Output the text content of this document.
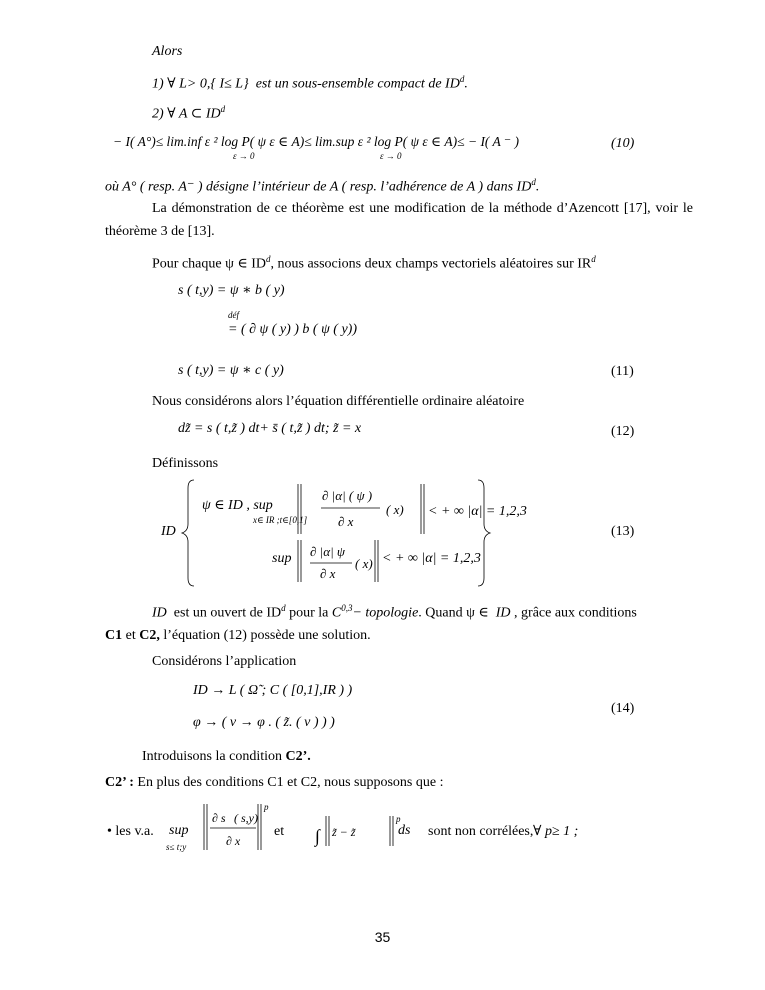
Alors
1) ∀ L> 0,{ I≤ L} est un sous-ensemble compact de $ID^d$.
2) ∀ A ⊂ $ID^d$
− I( A°)≤ lim.inf ε ² log P( ψ ε ∈ A)≤ lim.sup ε ² log P( ψ ε ∈ A)≤ − I( A ⁻ )
ε → 0	ε → 0
(10)
où A° ( resp. A⁻ ) désigne l’intérieur de A ( resp. l’adhérence de A ) dans $ID^d$.
La démonstration de ce théorème est une modification de la méthode d’Azencott [17], voir le théorème 3 de [13].
Pour chaque ψ ∈ $ID^d$, nous associons deux champs vectoriels aléatoires sur $IR^d$
s ( t,y) = ψ ∗ b ( y)
déf
= ( ∂ ψ ( y) ) b ( ψ ( y))
s ( t,y) = ψ ∗ c ( y)	(11)
Nous considérons alors l’équation différentielle ordinaire aléatoire
dz̃ = s ( t,z̃ ) dt+ s̄ ( t,z̃ ) dt; z̃ = x	(12)
Définissons
∂ |α| ( ψ )
∂ x
( x)
∂ |α| ψ
∂ x
( x)
ID
ψ ∈ ID , sup
x∈ IR ;t∈[0,1]
< + ∞ |α| = 1,2,3
sup	< + ∞ |α| = 1,2,3
(13)
ID est un ouvert de $ID^d$ pour la C$^{0,3}$− topologie. Quand ψ ∈ ID , grâce aux conditions
C1 et C2, l’équation (12) possède une solution.
Considérons l’application
ID → L ( Ω̃ ; C ( [0,1],IR ) )
φ → ( ν → φ . ( z̃. ( ν ) ) )
(14)
Introduisons la condition C2’.
C2’ : En plus des conditions C1 et C2, nous supposons que :
∂ s ( s,y)
∂ x
p
∫ z̃ − z̃
p
• les v.a. sup
s≤ t;y
et	ds sont non corrélées, ∀ p≥ 1 ;
35
